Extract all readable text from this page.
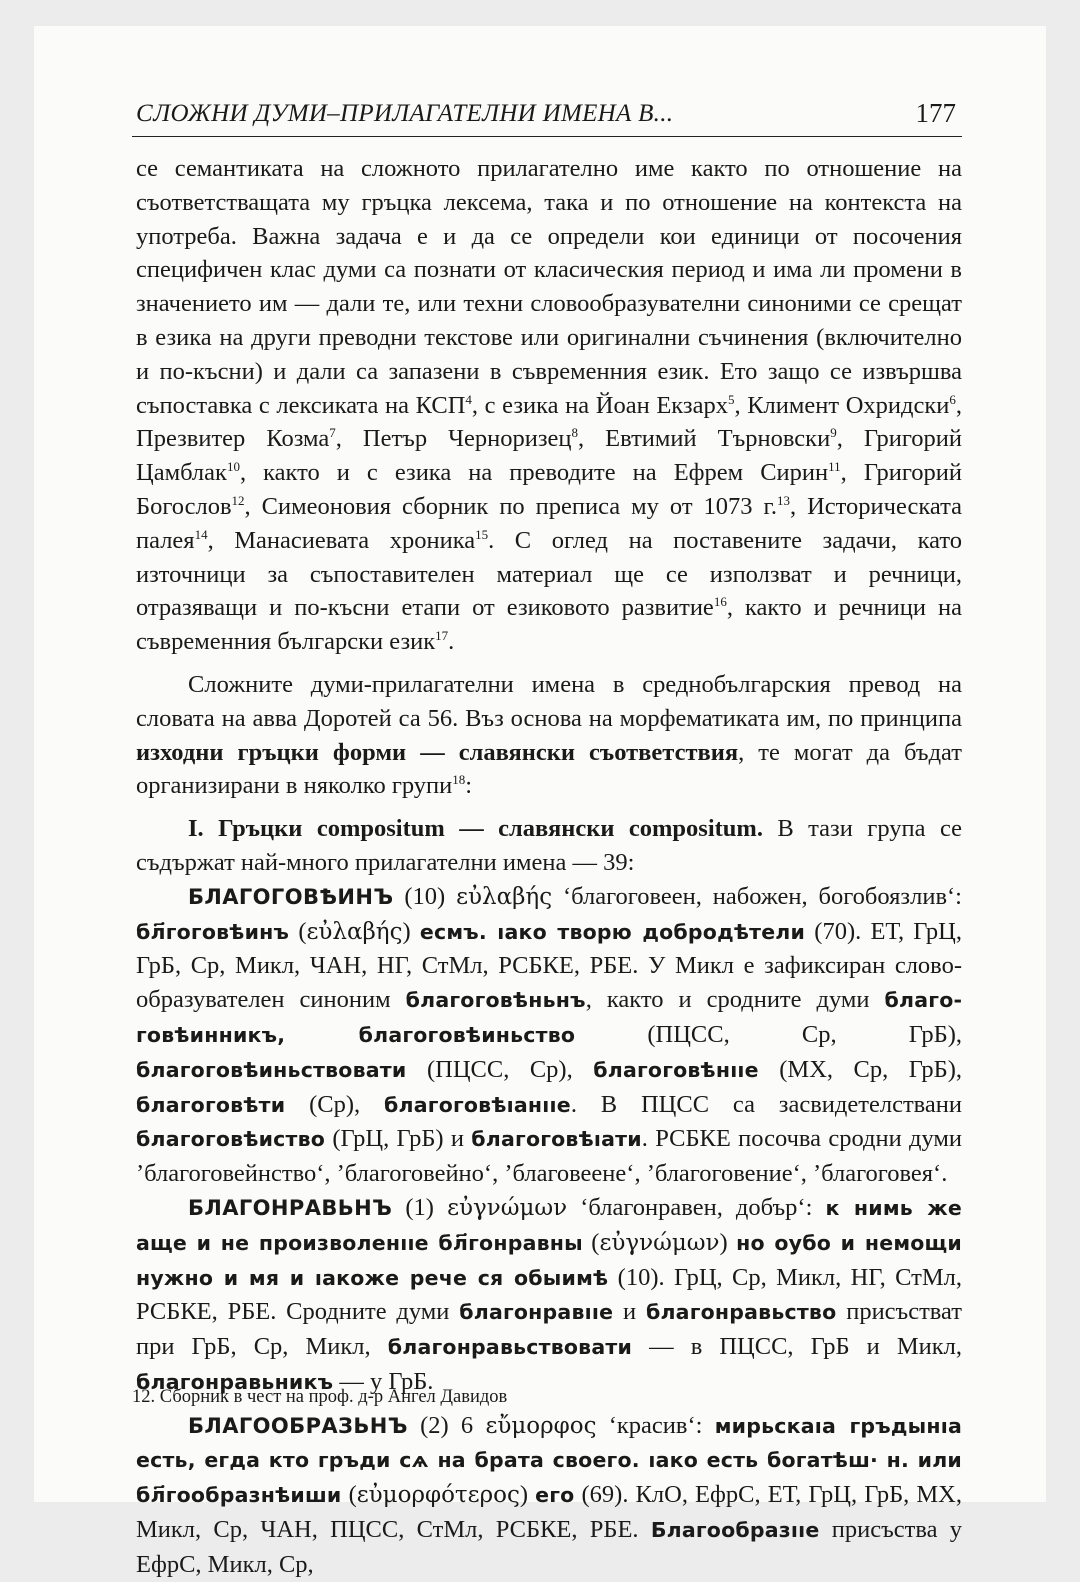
СЛОЖНИ ДУМИ–ПРИЛАГАТЕЛНИ ИМЕНА В...	177

се семантиката на сложното прилагателно име както по отношение на съответстващата му гръцка лексема, така и по отношение на контекста на употреба. Важна задача е и да се определи кои единици от посочения специфичен клас думи са познати от класическия период и има ли промени в значението им — дали те, или техни словообразувателни синоними се срещат в езика на други преводни текстове или оригинални съчинения (включително и по-късни) и дали са запазени в съвременния език. Ето защо се извършва съпоставка с лексиката на КСП$^4$, с езика на Йоан Екзарх$^5$, Климент Охридски$^6$, Презвитер Козма$^7$, Петър Черноризец$^8$, Евтимий Търновски$^9$, Григорий Цамблак$^{10}$, както и с езика на преводите на Ефрем Сирин$^{11}$, Григорий Богослов$^{12}$, Симеоновия сборник по преписа му от 1073 г.$^{13}$, Историческата палея$^{14}$, Манасиевата хроника$^{15}$. С оглед на поставените задачи, като източници за съпоставителен материал ще се използват и речници, отразяващи и по-късни етапи от езиковото развитие$^{16}$, както и речници на съвременния български език$^{17}$.

Сложните думи-прилагателни имена в среднобългарския превод на словата на авва Доротей са 56. Въз основа на морфематиката им, по принципа изходни гръцки форми — славянски съответствия, те могат да бъдат организирани в няколко групи$^{18}$:

I. Гръцки compositum — славянски compositum. В тази група се съдържат най-много прилагателни имена — 39:

БЛАГОГОВѢИНЪ (10) εὐλαβής ‘благоговеен, набожен, богобоязлив‘: бл҃гоговѣинъ (εὐλαβής) есмъ. ıако творю добродѣтели (70). ЕТ, ГрЦ, ГрБ, Ср, Микл, ЧАН, НГ, СтМл, РСБКЕ, РБЕ. У Микл е зафиксиран словообразувателен синоним благоговѣньнъ, както и сродните думи благоговѣинникъ, благоговѣиньство (ПЦСС, Ср, ГрБ), благоговѣиньствовати (ПЦСС, Ср), благоговѣнııе (МХ, Ср, ГрБ), благоговѣти (Ср), благоговѣıанııе. В ПЦСС са засвидетелствани благоговѣиство (ГрЦ, ГрБ) и благоговѣıати. РСБКЕ посочва сродни думи ’благоговейнство‘, ’благоговейно‘, ’благовеене‘, ’благоговение‘, ’благоговея‘.

БЛАГОНРАВЬНЪ (1) εὐγνώμων ‘благонравен, добър‘: к нимь же аще и не произволенııе бл҃гонравны (εὐγνώμων) но оубо и немощи нужно и мя и ıакоже рече ся обыимѣ (10). ГрЦ, Ср, Микл, НГ, СтМл, РСБКЕ, РБЕ. Сродните думи благонравııе и благонравьство присъстват при ГрБ, Ср, Микл, благонравьствовати — в ПЦСС, ГрБ и Микл, благонравьникъ — у ГрБ.

БЛАГООБРАЗЬНЪ (2) 6 εὔμορφος ‘красив‘: мирьскаıа гръдынıа есть, егда кто гръди сѧ на брата своего. ıако есть богатѣш· н. или бл҃гообразнѣиши (εὐμορφότερος) его (69). КлО, ЕфрС, ЕТ, ГрЦ, ГрБ, МХ, Микл, Ср, ЧАН, ПЦСС, СтМл, РСБКЕ, РБЕ. Благообразııе присъства у ЕфрС, Микл, Ср,

12. Сборник в чест на проф. д-р Ангел Давидов
